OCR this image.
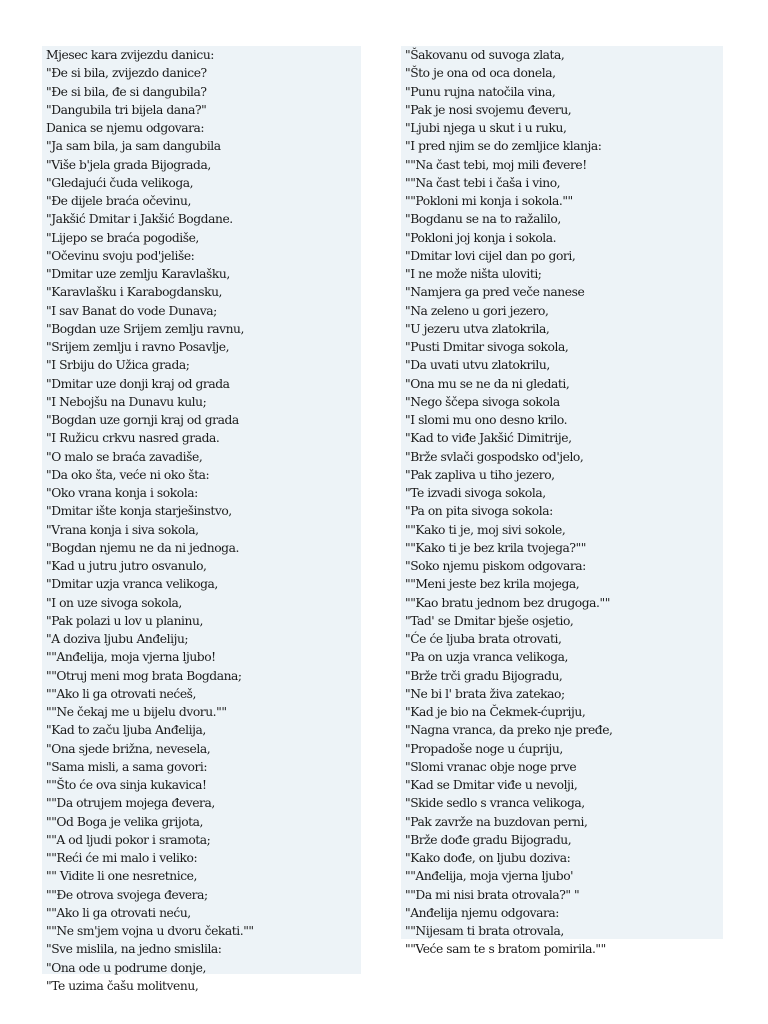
Mjesec kara zvijezdu danicu:
"Đe si bila, zvijezdo danice?
"Đe si bila, đe si dangubila?
"Dangubila tri bijela dana?"
Danica se njemu odgovara:
"Ja sam bila, ja sam dangubila
"Više b'jela grada Bijograda,
"Gledajući čuda velikoga,
"Đe dijele braća očevinu,
"Jakšić Dmitar i Jakšić Bogdane.
"Lijepo se braća pogodiše,
"Očevinu svoju pod'jeliše:
"Dmitar uze zemlju Karavlašku,
"Karavlašku i Karabogdansku,
"I sav Banat do vode Dunava;
"Bogdan uze Srijem zemlju ravnu,
"Srijem zemlju i ravno Posavlje,
"I Srbiju do Užica grada;
"Dmitar uze donji kraj od grada
"I Nebojšu na Dunavu kulu;
"Bogdan uze gornji kraj od grada
"I Ružicu crkvu nasred grada.
"O malo se braća zavadiše,
"Da oko šta, veće ni oko šta:
"Oko vrana konja i sokola:
"Dmitar ište konja starješinstvo,
"Vrana konja i siva sokola,
"Bogdan njemu ne da ni jednoga.
"Kad u jutru jutro osvanulo,
"Dmitar uzja vranca velikoga,
"I on uze sivoga sokola,
"Pak polazi u lov u planinu,
"A doziva ljubu Anđeliju;
""Anđelija, moja vjerna ljubo!
""Otruj meni mog brata Bogdana;
""Ako li ga otrovati nećeš,
""Ne čekaj me u bijelu dvoru.""
"Kad to začu ljuba Anđelija,
"Ona sjede brižna, nevesela,
"Sama misli, a sama govori:
""Što će ova sinja kukavica!
""Da otrujem mojega đevera,
""Od Boga je velika grijota,
""A od ljudi pokor i sramota;
""Reći će mi malo i veliko:
"" Vidite li one nesretnice,
""Đe otrova svojega đevera;
""Ako li ga otrovati neću,
""Ne sm'jem vojna u dvoru čekati.""
"Sve mislila, na jedno smislila:
"Ona ode u podrume donje,
"Te uzima čašu molitvenu,
"Šakovanu od suvoga zlata,
"Što je ona od oca donela,
"Punu rujna natočila vina,
"Pak je nosi svojemu đeveru,
"Ljubi njega u skut i u ruku,
"I pred njim se do zemljice klanja:
""Na čast tebi, moj mili đevere!
""Na čast tebi i čaša i vino,
""Pokloni mi konja i sokola.""
"Bogdanu se na to ražalilo,
"Pokloni joj konja i sokola.
"Dmitar lovi cijel dan po gori,
"I ne može ništa uloviti;
"Namjera ga pred veče nanese
"Na zeleno u gori jezero,
"U jezeru utva zlatokrila,
"Pusti Dmitar sivoga sokola,
"Da uvati utvu zlatokrilu,
"Ona mu se ne da ni gledati,
"Nego ščepa sivoga sokola
"I slomi mu ono desno krilo.
"Kad to viđe Jakšić Dimitrije,
"Brže svlači gospodsko od'jelo,
"Pak zapliva u tiho jezero,
"Te izvadi sivoga sokola,
"Pa on pita sivoga sokola:
""Kako ti je, moj sivi sokole,
""Kako ti je bez krila tvojega?""
"Soko njemu piskom odgovara:
""Meni jeste bez krila mojega,
""Kao bratu jednom bez drugoga.""
"Tad' se Dmitar bješe osjetio,
"Će će ljuba brata otrovati,
"Pa on uzja vranca velikoga,
"Brže trči gradu Bijogradu,
"Ne bi l' brata živa zatekao;
"Kad je bio na Čekmek-ćupriju,
"Nagna vranca, da preko nje pređe,
"Propadoše noge u ćupriju,
"Slomi vranac obje noge prve
"Kad se Dmitar viđe u nevolji,
"Skide sedlo s vranca velikoga,
"Pak zavrže na buzdovan perni,
"Brže dođe gradu Bijogradu,
"Kako dođe, on ljubu doziva:
""Anđelija, moja vjerna ljubo'
""Da mi nisi brata otrovala?" "
"Anđelija njemu odgovara:
""Nijesam ti brata otrovala,
""Veće sam te s bratom pomirila.""
